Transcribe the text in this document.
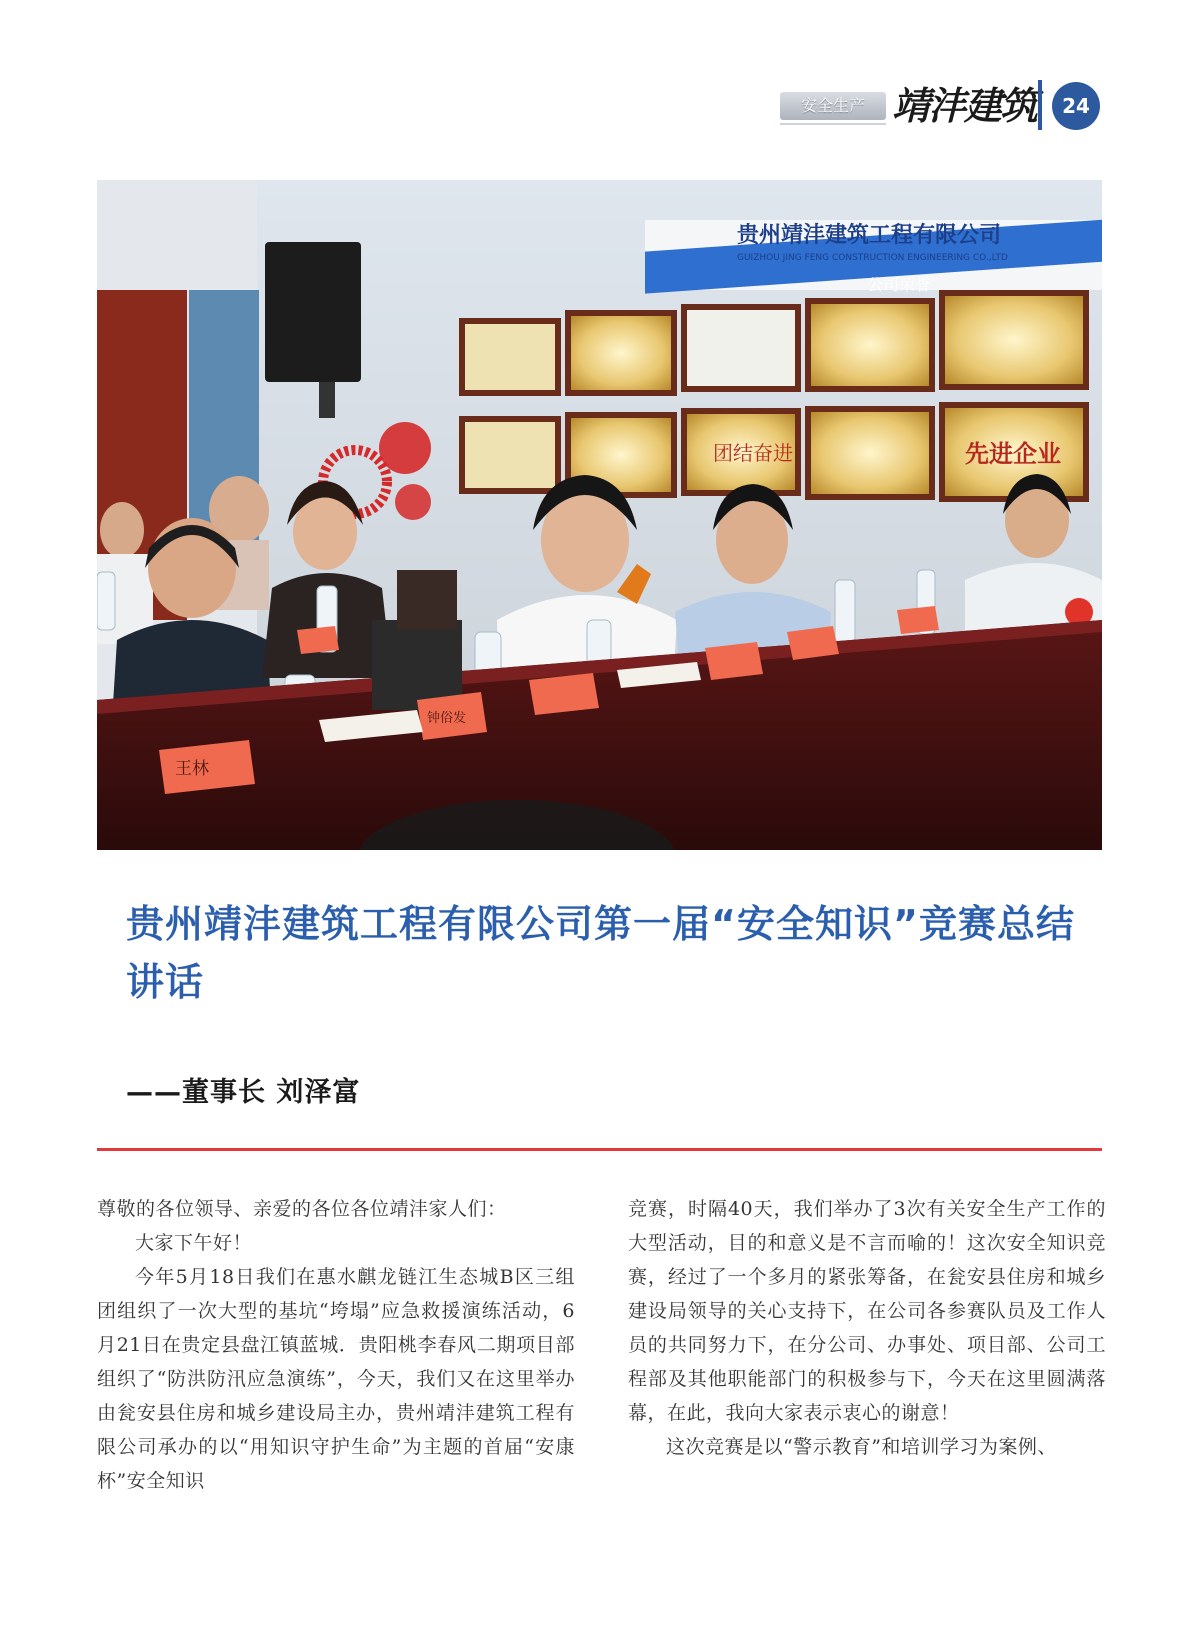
安全生产 靖沣建筑	24
贵州靖沣建筑工程有限公司
GUIZHOU JING FENG CONSTRUCTION ENGINEERING CO.,LTD
公司荣誉
团结奋进	先进企业
王林
钟俗发
贵州靖沣建筑工程有限公司第一届“安全知识”竞赛总结讲话
——董事长 刘泽富

尊敬的各位领导、亲爱的各位各位靖沣家人们：

大家下午好！

今年5月18日我们在惠水麒龙链江生态城B区三组团组织了一次大型的基坑“垮塌”应急救援演练活动，6月21日在贵定县盘江镇蓝城．贵阳桃李春风二期项目部组织了“防洪防汛应急演练”，今天，我们又在这里举办由瓮安县住房和城乡建设局主办，贵州靖沣建筑工程有限公司承办的以“用知识守护生命”为主题的首届“安康杯”安全知识

竞赛，时隔40天，我们举办了3次有关安全生产工作的大型活动，目的和意义是不言而喻的！这次安全知识竞赛，经过了一个多月的紧张筹备，在瓮安县住房和城乡建设局领导的关心支持下，在公司各参赛队员及工作人员的共同努力下，在分公司、办事处、项目部、公司工程部及其他职能部门的积极参与下，今天在这里圆满落幕，在此，我向大家表示衷心的谢意！

这次竞赛是以“警示教育”和培训学习为案例、
